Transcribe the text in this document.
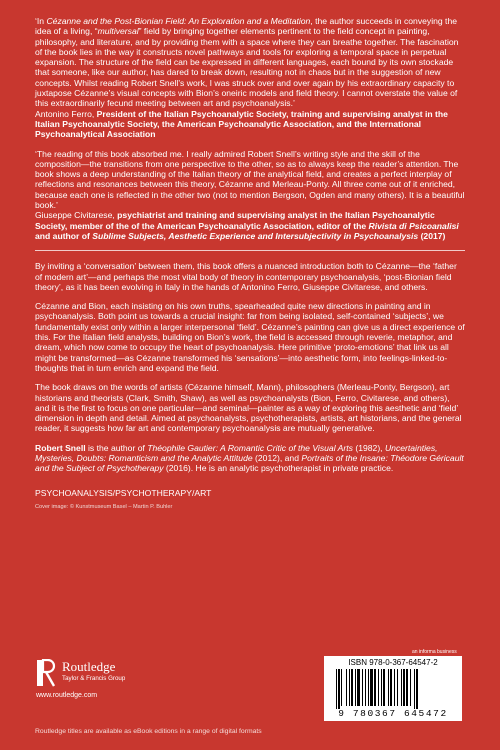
‘In Cézanne and the Post-Bionian Field: An Exploration and a Meditation, the author succeeds in conveying the idea of a living, “multiversal” field by bringing together elements pertinent to the field concept in painting, philosophy, and literature, and by providing them with a space where they can breathe together. The fascination of the book lies in the way it constructs novel pathways and tools for exploring a temporal space in perpetual expansion. The structure of the field can be expressed in different languages, each bound by its own stockade that someone, like our author, has dared to break down, resulting not in chaos but in the suggestion of new concepts. Whilst reading Robert Snell’s work, I was struck over and over again by his extraordinary capacity to juxtapose Cézanne’s visual concepts with Bion’s oneiric models and field theory. I cannot overstate the value of this extraordinarily fecund meeting between art and psychoanalysis.’

Antonino Ferro, President of the Italian Psychoanalytic Society, training and supervising analyst in the Italian Psychoanalytic Society, the American Psychoanalytic Association, and the International Psychoanalytical Association

‘The reading of this book absorbed me. I really admired Robert Snell’s writing style and the skill of the composition—the transitions from one perspective to the other, so as to always keep the reader’s attention. The book shows a deep understanding of the Italian theory of the analytical field, and creates a perfect interplay of reflections and resonances between this theory, Cézanne and Merleau-Ponty. All three come out of it enriched, because each one is reflected in the other two (not to mention Bergson, Ogden and many others). It is a beautiful book.’

Giuseppe Civitarese, psychiatrist and training and supervising analyst in the Italian Psychoanalytic Society, member of the of the American Psychoanalytic Association, editor of the Rivista di Psicoanalisi and author of Sublime Subjects, Aesthetic Experience and Intersubjectivity in Psychoanalysis (2017)

By inviting a ‘conversation’ between them, this book offers a nuanced introduction both to Cézanne—the ‘father of modern art’—and perhaps the most vital body of theory in contemporary psychoanalysis, ‘post-Bionian field theory’, as it has been evolving in Italy in the hands of Antonino Ferro, Giuseppe Civitarese, and others.

Cézanne and Bion, each insisting on his own truths, spearheaded quite new directions in painting and in psychoanalysis. Both point us towards a crucial insight: far from being isolated, self-contained ‘subjects’, we fundamentally exist only within a larger interpersonal ‘field’. Cézanne’s painting can give us a direct experience of this. For the Italian field analysts, building on Bion’s work, the field is accessed through reverie, metaphor, and dream, which now come to occupy the heart of psychoanalysis. Here primitive ‘proto-emotions’ that link us all might be transformed—as Cézanne transformed his ‘sensations’—into aesthetic form, into feelings-linked-to-thoughts that in turn enrich and expand the field.

The book draws on the words of artists (Cézanne himself, Mann), philosophers (Merleau-Ponty, Bergson), art historians and theorists (Clark, Smith, Shaw), as well as psychoanalysts (Bion, Ferro, Civitarese, and others), and it is the first to focus on one particular—and seminal—painter as a way of exploring this aesthetic and ‘field’ dimension in depth and detail. Aimed at psychoanalysts, psychotherapists, artists, art historians, and the general reader, it suggests how far art and contemporary psychoanalysis are mutually generative.

Robert Snell is the author of Théophile Gautier: A Romantic Critic of the Visual Arts (1982), Uncertainties, Mysteries, Doubts: Romanticism and the Analytic Attitude (2012), and Portraits of the Insane: Théodore Géricault and the Subject of Psychotherapy (2016). He is an analytic psychotherapist in private practice.

PSYCHOANALYSIS/PSYCHOTHERAPY/ART

Cover image: © Kunstmuseum Basel – Martin P. Buhler

Routledge
Taylor & Francis Group
www.routledge.com
an informa business
ISBN 978-0-367-64547-2
9 780367 645472
Routledge titles are available as eBook editions in a range of digital formats
